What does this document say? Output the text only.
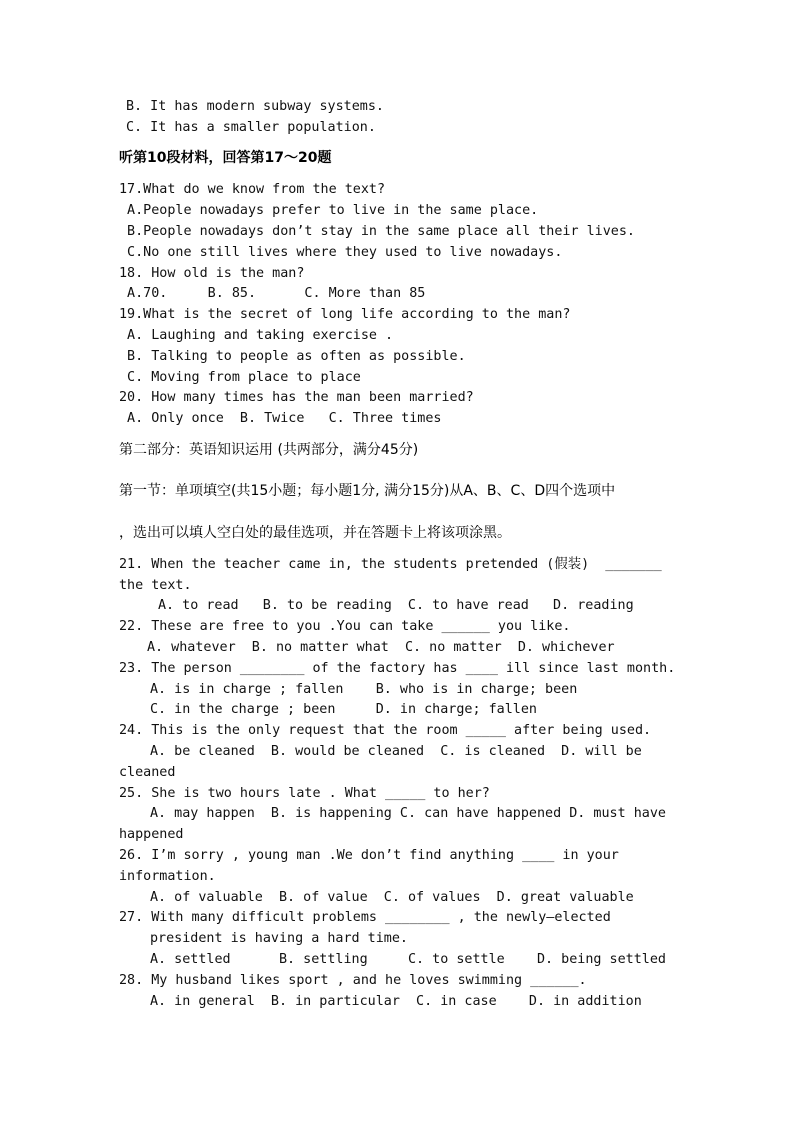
B. It has modern subway systems.
C. It has a smaller population.
听第10段材料，回答第17～20题
17.What do we know from the text?
A.People nowadays prefer to live in the same place.
B.People nowadays don’t stay in the same place all their lives.
C.No one still lives where they used to live nowadays.
18. How old is the man?
A.70.     B. 85.      C. More than 85
19.What is the secret of long life according to the man?
A. Laughing and taking exercise .
B. Talking to people as often as possible.
C. Moving from place to place
20. How many times has the man been married?
A. Only once  B. Twice   C. Three times
第二部分：英语知识运用 (共两部分，满分45分)
第一节：单项填空(共15小题；每小题1分, 满分15分)从A、B、C、D四个选项中
，选出可以填人空白处的最佳选项，并在答题卡上将该项涂黑。
21. When the teacher came in, the students pretended (假装)  _______
the text.
A. to read   B. to be reading  C. to have read   D. reading
22. These are free to you .You can take ______ you like.
A. whatever  B. no matter what  C. no matter  D. whichever
23. The person ________ of the factory has ____ ill since last month.
A. is in charge ; fallen    B. who is in charge; been
C. in the charge ; been     D. in charge; fallen
24. This is the only request that the room _____ after being used.
A. be cleaned  B. would be cleaned  C. is cleaned  D. will be
cleaned
25. She is two hours late . What _____ to her?
A. may happen  B. is happening C. can have happened D. must have
happened
26. I’m sorry , young man .We don’t find anything ____ in your
information.
A. of valuable  B. of value  C. of values  D. great valuable
27. With many difficult problems ________ , the newly—elected
president is having a hard time.
A. settled      B. settling     C. to settle    D. being settled
28. My husband likes sport , and he loves swimming ______.
A. in general  B. in particular  C. in case    D. in addition
